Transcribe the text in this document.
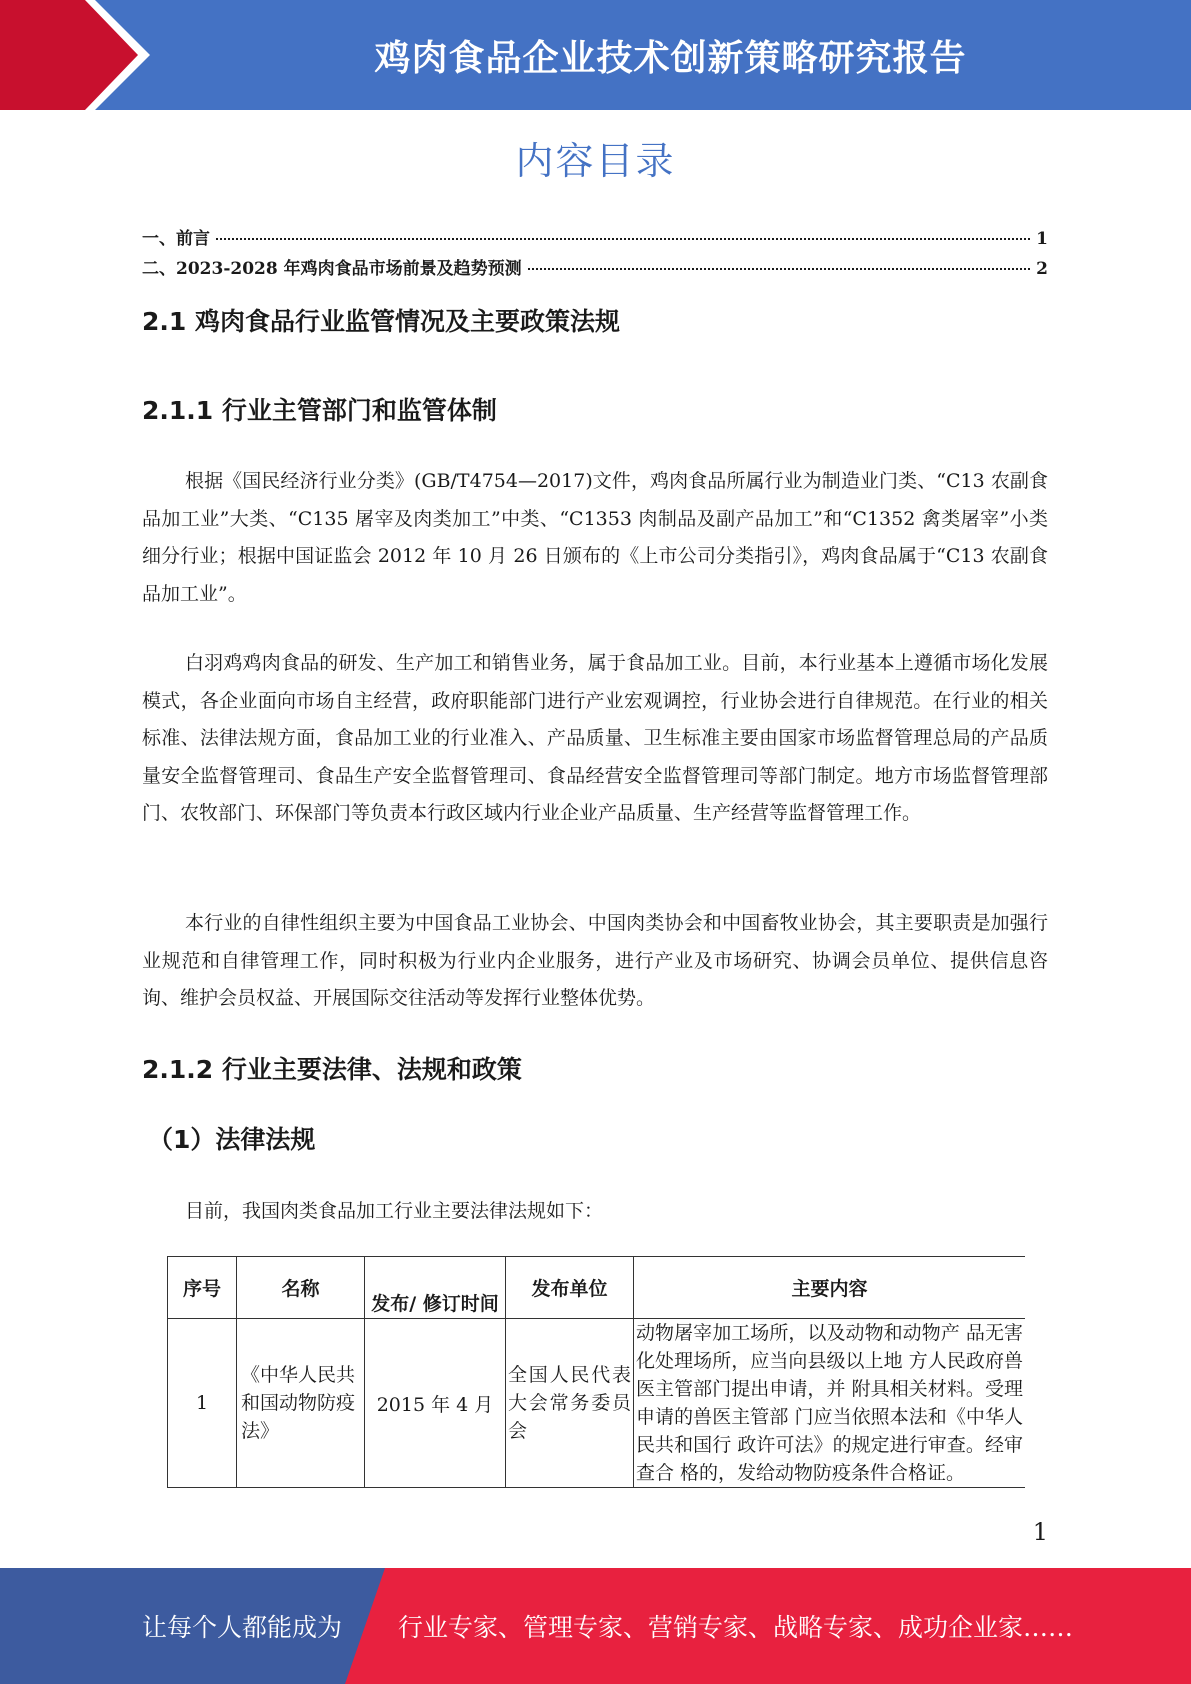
鸡肉食品企业技术创新策略研究报告
内容目录
一、前言	1
二、2023-2028 年鸡肉食品市场前景及趋势预测	2
2.1 鸡肉食品行业监管情况及主要政策法规
2.1.1 行业主管部门和监管体制

根据《国民经济行业分类》(GB/T4754—2017)文件，鸡肉食品所属行业为制造业门类、“C13 农副食品加工业”大类、“C135 屠宰及肉类加工”中类、“C1353 肉制品及副产品加工”和“C1352 禽类屠宰”小类细分行业；根据中国证监会 2012 年 10 月 26 日颁布的《上市公司分类指引》，鸡肉食品属于“C13 农副食品加工业”。

白羽鸡鸡肉食品的研发、生产加工和销售业务，属于食品加工业。目前，本行业基本上遵循市场化发展模式，各企业面向市场自主经营，政府职能部门进行产业宏观调控，行业协会进行自律规范。在行业的相关标准、法律法规方面，食品加工业的行业准入、产品质量、卫生标准主要由国家市场监督管理总局的产品质量安全监督管理司、食品生产安全监督管理司、食品经营安全监督管理司等部门制定。地方市场监督管理部门、农牧部门、环保部门等负责本行政区域内行业企业产品质量、生产经营等监督管理工作。

本行业的自律性组织主要为中国食品工业协会、中国肉类协会和中国畜牧业协会，其主要职责是加强行业规范和自律管理工作，同时积极为行业内企业服务，进行产业及市场研究、协调会员单位、提供信息咨询、维护会员权益、开展国际交往活动等发挥行业整体优势。

2.1.2 行业主要法律、法规和政策
（1）法律法规

目前，我国肉类食品加工行业主要法律法规如下：

序号	名称	发布/ 修订时间	发布单位	主要内容
1	《中华人民共和国动物防疫法》	2015 年 4 月	全国人民代表大会常务委员会	动物屠宰加工场所，以及动物和动物产 品无害化处理场所，应当向县级以上地 方人民政府兽医主管部门提出申请，并 附具相关材料。受理申请的兽医主管部 门应当依照本法和《中华人民共和国行 政许可法》的规定进行审查。经审查合 格的，发给动物防疫条件合格证。
1
让每个人都能成为 行业专家、管理专家、营销专家、战略专家、成功企业家……
